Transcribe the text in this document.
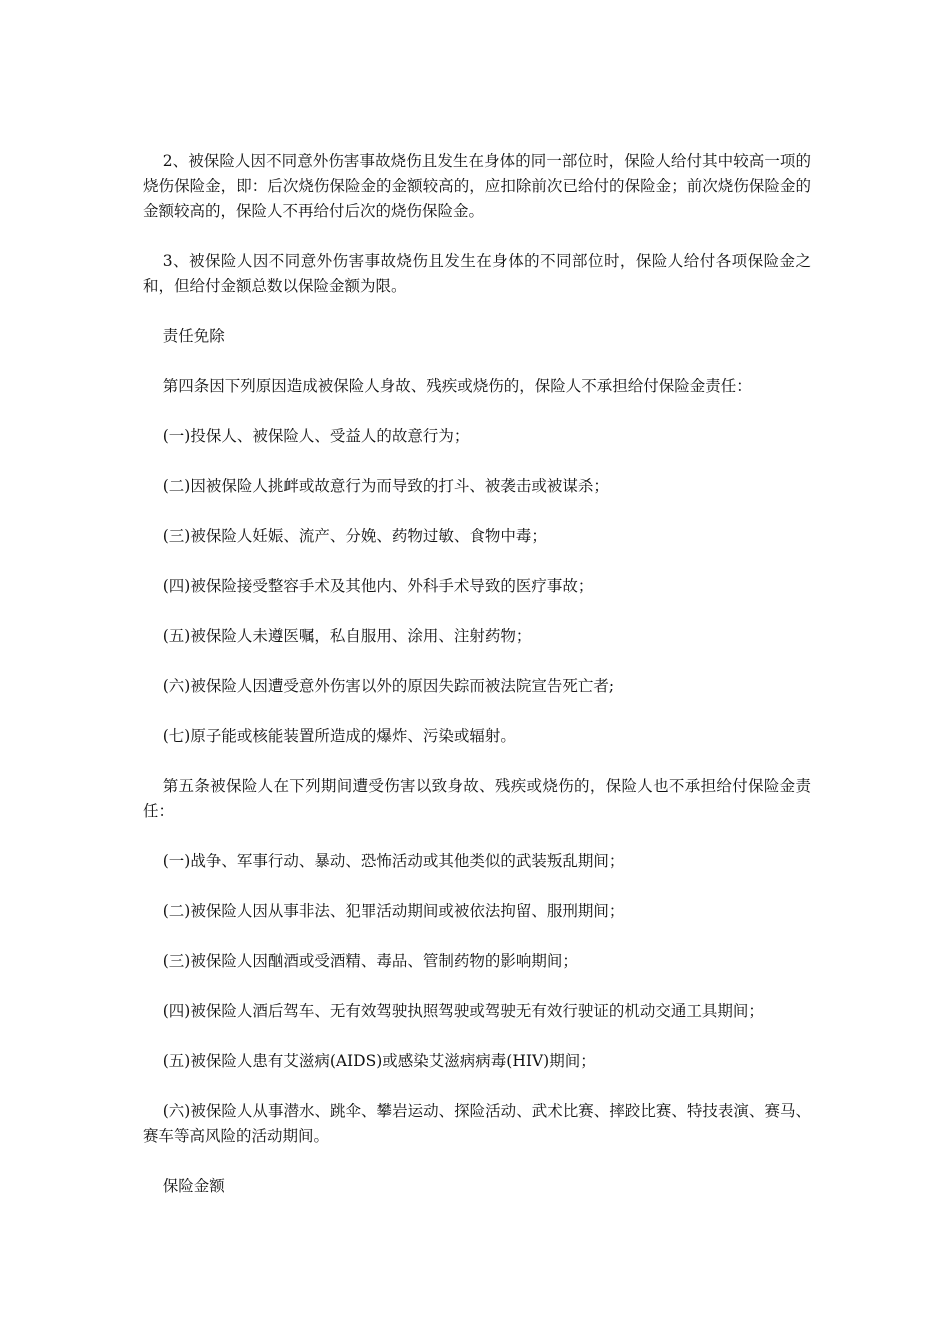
2、被保险人因不同意外伤害事故烧伤且发生在身体的同一部位时，保险人给付其中较高一项的烧伤保险金，即：后次烧伤保险金的金额较高的，应扣除前次已给付的保险金；前次烧伤保险金的金额较高的，保险人不再给付后次的烧伤保险金。

3、被保险人因不同意外伤害事故烧伤且发生在身体的不同部位时，保险人给付各项保险金之和，但给付金额总数以保险金额为限。

责任免除

第四条因下列原因造成被保险人身故、残疾或烧伤的，保险人不承担给付保险金责任：

(一)投保人、被保险人、受益人的故意行为；

(二)因被保险人挑衅或故意行为而导致的打斗、被袭击或被谋杀；

(三)被保险人妊娠、流产、分娩、药物过敏、食物中毒；

(四)被保险接受整容手术及其他内、外科手术导致的医疗事故；

(五)被保险人未遵医嘱，私自服用、涂用、注射药物；

(六)被保险人因遭受意外伤害以外的原因失踪而被法院宣告死亡者;

(七)原子能或核能装置所造成的爆炸、污染或辐射。

第五条被保险人在下列期间遭受伤害以致身故、残疾或烧伤的，保险人也不承担给付保险金责任：

(一)战争、军事行动、暴动、恐怖活动或其他类似的武装叛乱期间；

(二)被保险人因从事非法、犯罪活动期间或被依法拘留、服刑期间；

(三)被保险人因酗酒或受酒精、毒品、管制药物的影响期间；

(四)被保险人酒后驾车、无有效驾驶执照驾驶或驾驶无有效行驶证的机动交通工具期间；

(五)被保险人患有艾滋病(AIDS)或感染艾滋病病毒(HIV)期间；

(六)被保险人从事潜水、跳伞、攀岩运动、探险活动、武术比赛、摔跤比赛、特技表演、赛马、赛车等高风险的活动期间。

保险金额
